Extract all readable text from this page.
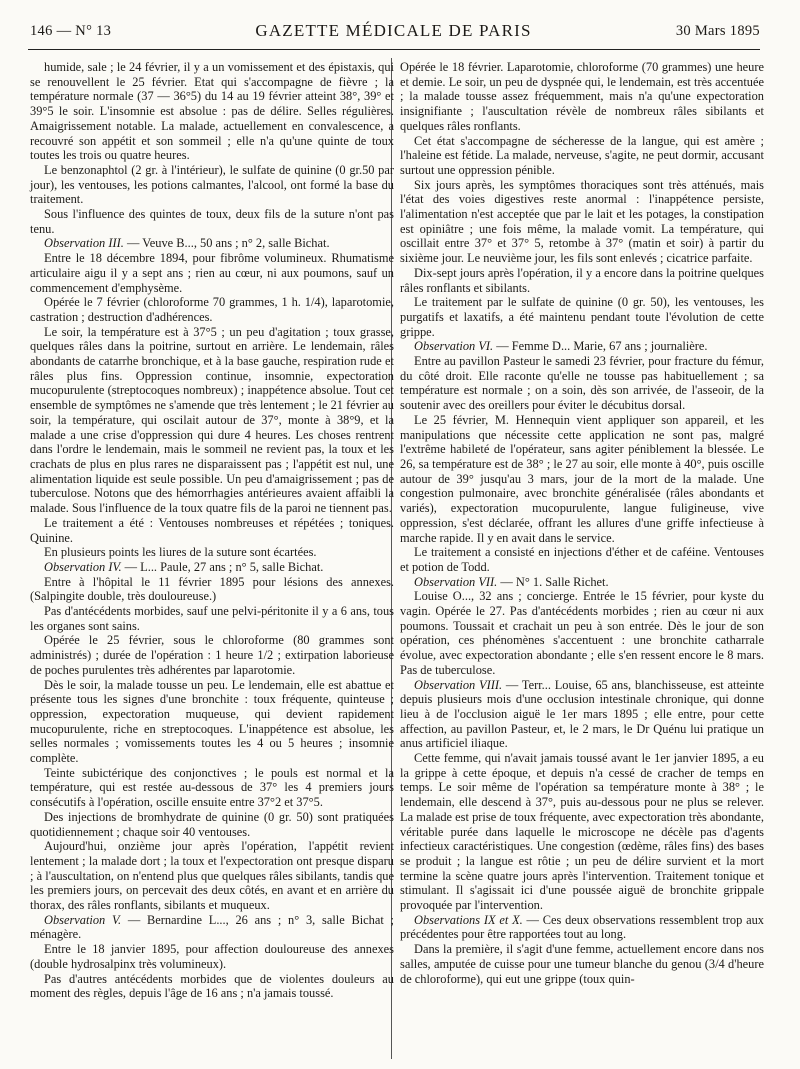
146 — N° 13	GAZETTE MÉDICALE DE PARIS	30 Mars 1895

humide, sale ; le 24 février, il y a un vomissement et des épistaxis, qui se renouvellent le 25 février. Etat qui s'accompagne de fièvre ; la température normale (37 — 36°5) du 14 au 19 février atteint 38°, 39° et 39°5 le soir. L'insomnie est absolue : pas de délire. Selles régulières. Amaigrissement notable. La malade, actuellement en convalescence, a recouvré son appétit et son sommeil ; elle n'a qu'une quinte de toux toutes les trois ou quatre heures.

Le benzonaphtol (2 gr. à l'intérieur), le sulfate de quinine (0 gr.50 par jour), les ventouses, les potions calmantes, l'alcool, ont formé la base du traitement.

Sous l'influence des quintes de toux, deux fils de la suture n'ont pas tenu.

Observation III. — Veuve B..., 50 ans ; n° 2, salle Bichat.

Entre le 18 décembre 1894, pour fibrôme volumineux. Rhumatisme articulaire aigu il y a sept ans ; rien au cœur, ni aux poumons, sauf un commencement d'emphysème.

Opérée le 7 février (chloroforme 70 grammes, 1 h. 1/4), laparotomie, castration ; destruction d'adhérences.

Le soir, la température est à 37°5 ; un peu d'agitation ; toux grasse, quelques râles dans la poitrine, surtout en arrière. Le lendemain, râles abondants de catarrhe bronchique, et à la base gauche, respiration rude et râles plus fins. Oppression continue, insomnie, expectoration mucopurulente (streptocoques nombreux) ; inappétence absolue. Tout cet ensemble de symptômes ne s'amende que très lentement ; le 21 février au soir, la température, qui oscilait autour de 37°, monte à 38°9, et la malade a une crise d'oppression qui dure 4 heures. Les choses rentrent dans l'ordre le lendemain, mais le sommeil ne revient pas, la toux et les crachats de plus en plus rares ne disparaissent pas ; l'appétit est nul, une alimentation liquide est seule possible. Un peu d'amaigrissement ; pas de tuberculose. Notons que des hémorrhagies antérieures avaient affaibli la malade. Sous l'influence de la toux quatre fils de la paroi ne tiennent pas.

Le traitement a été : Ventouses nombreuses et répétées ; toniques. Quinine.

En plusieurs points les liures de la suture sont écartées.

Observation IV. — L... Paule, 27 ans ; n° 5, salle Bichat.

Entre à l'hôpital le 11 février 1895 pour lésions des annexes. (Salpingite double, très douloureuse.)

Pas d'antécédents morbides, sauf une pelvi-péritonite il y a 6 ans, tous les organes sont sains.

Opérée le 25 février, sous le chloroforme (80 grammes sont administrés) ; durée de l'opération : 1 heure 1/2 ; extirpation laborieuse de poches purulentes très adhérentes par laparotomie.

Dès le soir, la malade tousse un peu. Le lendemain, elle est abattue et présente tous les signes d'une bronchite : toux fréquente, quinteuse ; oppression, expectoration muqueuse, qui devient rapidement mucopurulente, riche en streptocoques. L'inappétence est absolue, les selles normales ; vomissements toutes les 4 ou 5 heures ; insomnie complète.

Teinte subictérique des conjonctives ; le pouls est normal et la température, qui est restée au-dessous de 37° les 4 premiers jours consécutifs à l'opération, oscille ensuite entre 37°2 et 37°5.

Des injections de bromhydrate de quinine (0 gr. 50) sont pratiquées quotidiennement ; chaque soir 40 ventouses.

Aujourd'hui, onzième jour après l'opération, l'appétit revient lentement ; la malade dort ; la toux et l'expectoration ont presque disparu ; à l'auscultation, on n'entend plus que quelques râles sibilants, tandis que les premiers jours, on percevait des deux côtés, en avant et en arrière du thorax, des râles ronflants, sibilants et muqueux.

Observation V. — Bernardine L..., 26 ans ; n° 3, salle Bichat ; ménagère.

Entre le 18 janvier 1895, pour affection douloureuse des annexes (double hydrosalpinx très volumineux).

Pas d'autres antécédents morbides que de violentes douleurs au moment des règles, depuis l'âge de 16 ans ; n'a jamais toussé.

Opérée le 18 février. Laparotomie, chloroforme (70 grammes) une heure et demie. Le soir, un peu de dyspnée qui, le lendemain, est très accentuée ; la malade tousse assez fréquemment, mais n'a qu'une expectoration insignifiante ; l'auscultation révèle de nombreux râles sibilants et quelques râles ronflants.

Cet état s'accompagne de sécheresse de la langue, qui est amère ; l'haleine est fétide. La malade, nerveuse, s'agite, ne peut dormir, accusant surtout une oppression pénible.

Six jours après, les symptômes thoraciques sont très atténués, mais l'état des voies digestives reste anormal : l'inappétence persiste, l'alimentation n'est acceptée que par le lait et les potages, la constipation est opiniâtre ; une fois même, la malade vomit. La température, qui oscillait entre 37° et 37° 5, retombe à 37° (matin et soir) à partir du sixième jour. Le neuvième jour, les fils sont enlevés ; cicatrice parfaite.

Dix-sept jours après l'opération, il y a encore dans la poitrine quelques râles ronflants et sibilants.

Le traitement par le sulfate de quinine (0 gr. 50), les ventouses, les purgatifs et laxatifs, a été maintenu pendant toute l'évolution de cette grippe.

Observation VI. — Femme D... Marie, 67 ans ; journalière.

Entre au pavillon Pasteur le samedi 23 février, pour fracture du fémur, du côté droit. Elle raconte qu'elle ne tousse pas habituellement ; sa température est normale ; on a soin, dès son arrivée, de l'asseoir, de la soutenir avec des oreillers pour éviter le décubitus dorsal.

Le 25 février, M. Hennequin vient appliquer son appareil, et les manipulations que nécessite cette application ne sont pas, malgré l'extrême habileté de l'opérateur, sans agiter péniblement la blessée. Le 26, sa température est de 38° ; le 27 au soir, elle monte à 40°, puis oscille autour de 39° jusqu'au 3 mars, jour de la mort de la malade. Une congestion pulmonaire, avec bronchite généralisée (râles abondants et variés), expectoration mucopurulente, langue fuligineuse, vive oppression, s'est déclarée, offrant les allures d'une griffe infectieuse à marche rapide. Il y en avait dans le service.

Le traitement a consisté en injections d'éther et de caféine. Ventouses et potion de Todd.

Observation VII. — N° 1. Salle Richet.

Louise O..., 32 ans ; concierge. Entrée le 15 février, pour kyste du vagin. Opérée le 27. Pas d'antécédents morbides ; rien au cœur ni aux poumons. Toussait et crachait un peu à son entrée. Dès le jour de son opération, ces phénomènes s'accentuent : une bronchite catharrale évolue, avec expectoration abondante ; elle s'en ressent encore le 8 mars. Pas de tuberculose.

Observation VIII. — Terr... Louise, 65 ans, blanchisseuse, est atteinte depuis plusieurs mois d'une occlusion intestinale chronique, qui donne lieu à de l'occlusion aiguë le 1er mars 1895 ; elle entre, pour cette affection, au pavillon Pasteur, et, le 2 mars, le Dr Quénu lui pratique un anus artificiel iliaque.

Cette femme, qui n'avait jamais toussé avant le 1er janvier 1895, a eu la grippe à cette époque, et depuis n'a cessé de cracher de temps en temps. Le soir même de l'opération sa température monte à 38° ; le lendemain, elle descend à 37°, puis au-dessous pour ne plus se relever. La malade est prise de toux fréquente, avec expectoration très abondante, véritable purée dans laquelle le microscope ne décèle pas d'agents infectieux caractéristiques. Une congestion (œdème, râles fins) des bases se produit ; la langue est rôtie ; un peu de délire survient et la mort termine la scène quatre jours après l'intervention. Traitement tonique et stimulant. Il s'agissait ici d'une poussée aiguë de bronchite grippale provoquée par l'intervention.

Observations IX et X. — Ces deux observations ressemblent trop aux précédentes pour être rapportées tout au long.

Dans la première, il s'agit d'une femme, actuellement encore dans nos salles, amputée de cuisse pour une tumeur blanche du genou (3/4 d'heure de chloroforme), qui eut une grippe (toux quin-
